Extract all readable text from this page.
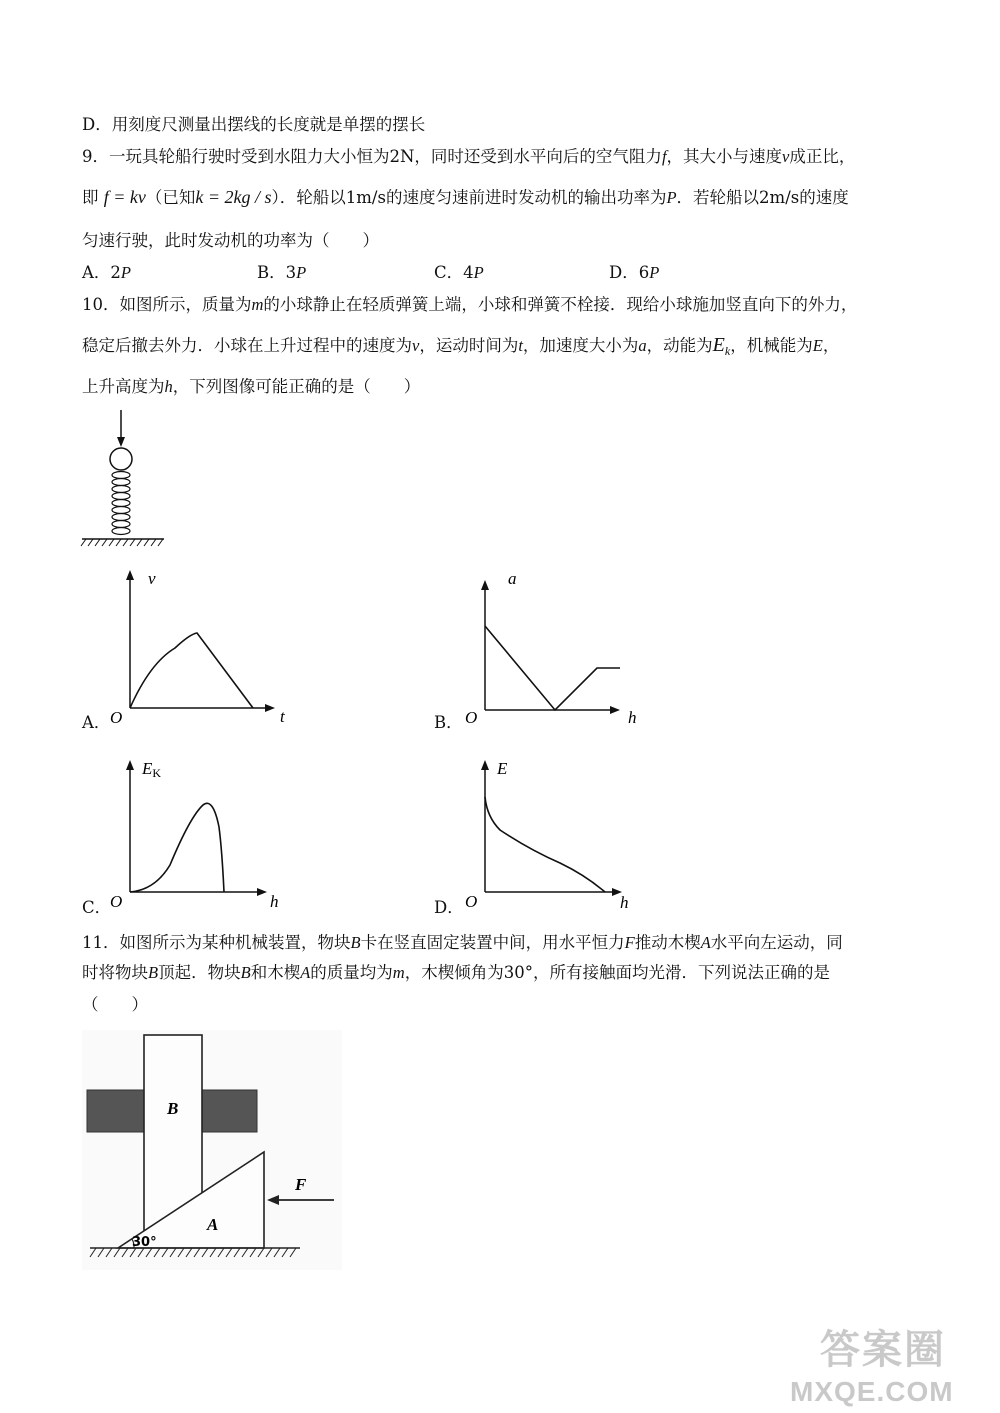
D．用刻度尺测量出摆线的长度就是单摆的摆长
9．一玩具轮船行驶时受到水阻力大小恒为2N，同时还受到水平向后的空气阻力f，其大小与速度v成正比，
即 f = kv（已知k = 2kg / s）．轮船以1m/s的速度匀速前进时发动机的输出功率为P．若轮船以2m/s的速度
匀速行驶，此时发动机的功率为（　　）
A．2P	B．3P	C．4P	D．6P
10．如图所示，质量为m的小球静止在轻质弹簧上端，小球和弹簧不栓接．现给小球施加竖直向下的外力，
稳定后撤去外力．小球在上升过程中的速度为v，运动时间为t，加速度大小为a，动能为$E_k$，机械能为E，
上升高度为h，下列图像可能正确的是（　　）
A．
v
t
O	B．
a
h
O
C．
EK
h
O	D．
E
h
O
11．如图所示为某种机械装置，物块B卡在竖直固定装置中间，用水平恒力F推动木楔A水平向左运动，同
时将物块B顶起．物块B和木楔A的质量均为m，木楔倾角为30°，所有接触面均光滑．下列说法正确的是
（　　）
30°
B
A
F
答案圈
MXQE.COM
